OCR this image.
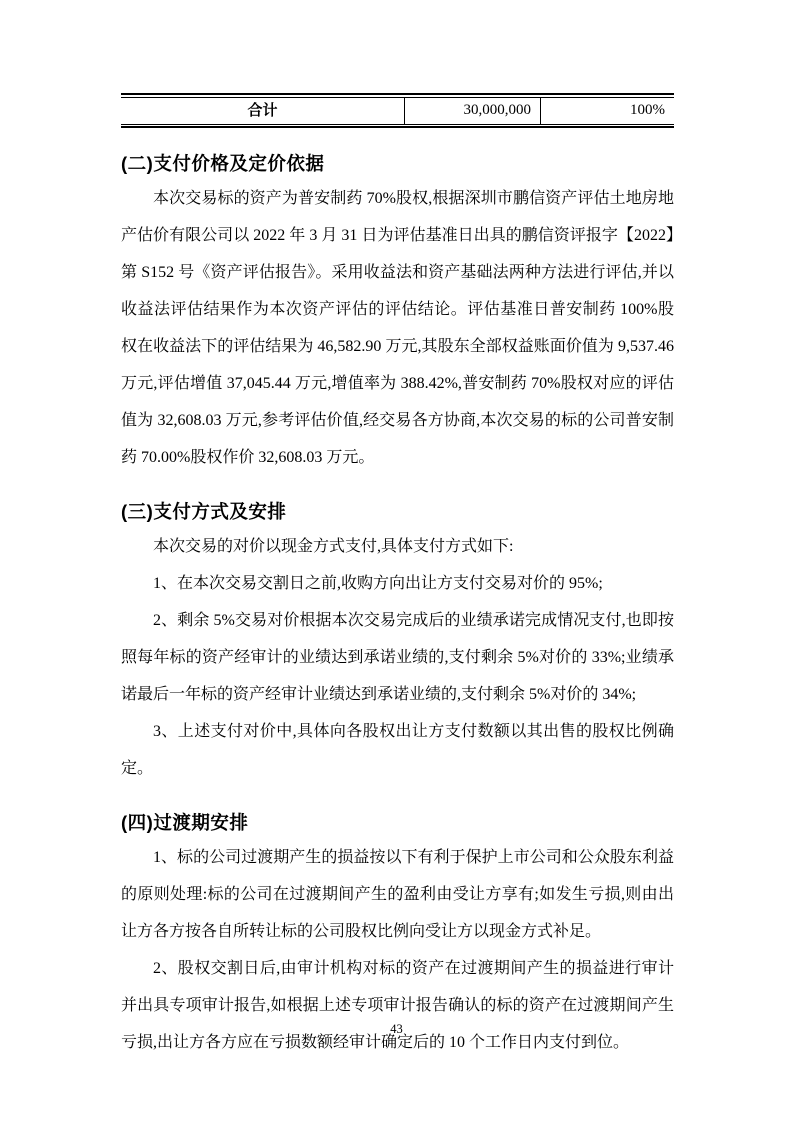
合计	30,000,000	100%
(二)支付价格及定价依据

本次交易标的资产为普安制药 70%股权,根据深圳市鹏信资产评估土地房地产估价有限公司以 2022 年 3 月 31 日为评估基准日出具的鹏信资评报字【2022】第 S152 号《资产评估报告》。采用收益法和资产基础法两种方法进行评估,并以收益法评估结果作为本次资产评估的评估结论。评估基准日普安制药 100%股权在收益法下的评估结果为 46,582.90 万元,其股东全部权益账面价值为 9,537.46 万元,评估增值 37,045.44 万元,增值率为 388.42%,普安制药 70%股权对应的评估值为 32,608.03 万元,参考评估价值,经交易各方协商,本次交易的标的公司普安制药 70.00%股权作价 32,608.03 万元。

(三)支付方式及安排

本次交易的对价以现金方式支付,具体支付方式如下:

1、在本次交易交割日之前,收购方向出让方支付交易对价的 95%;

2、剩余 5%交易对价根据本次交易完成后的业绩承诺完成情况支付,也即按照每年标的资产经审计的业绩达到承诺业绩的,支付剩余 5%对价的 33%;业绩承诺最后一年标的资产经审计业绩达到承诺业绩的,支付剩余 5%对价的 34%;

3、上述支付对价中,具体向各股权出让方支付数额以其出售的股权比例确定。

(四)过渡期安排

1、标的公司过渡期产生的损益按以下有利于保护上市公司和公众股东利益的原则处理:标的公司在过渡期间产生的盈利由受让方享有;如发生亏损,则由出让方各方按各自所转让标的公司股权比例向受让方以现金方式补足。

2、股权交割日后,由审计机构对标的资产在过渡期间产生的损益进行审计并出具专项审计报告,如根据上述专项审计报告确认的标的资产在过渡期间产生亏损,出让方各方应在亏损数额经审计确定后的 10 个工作日内支付到位。

43
